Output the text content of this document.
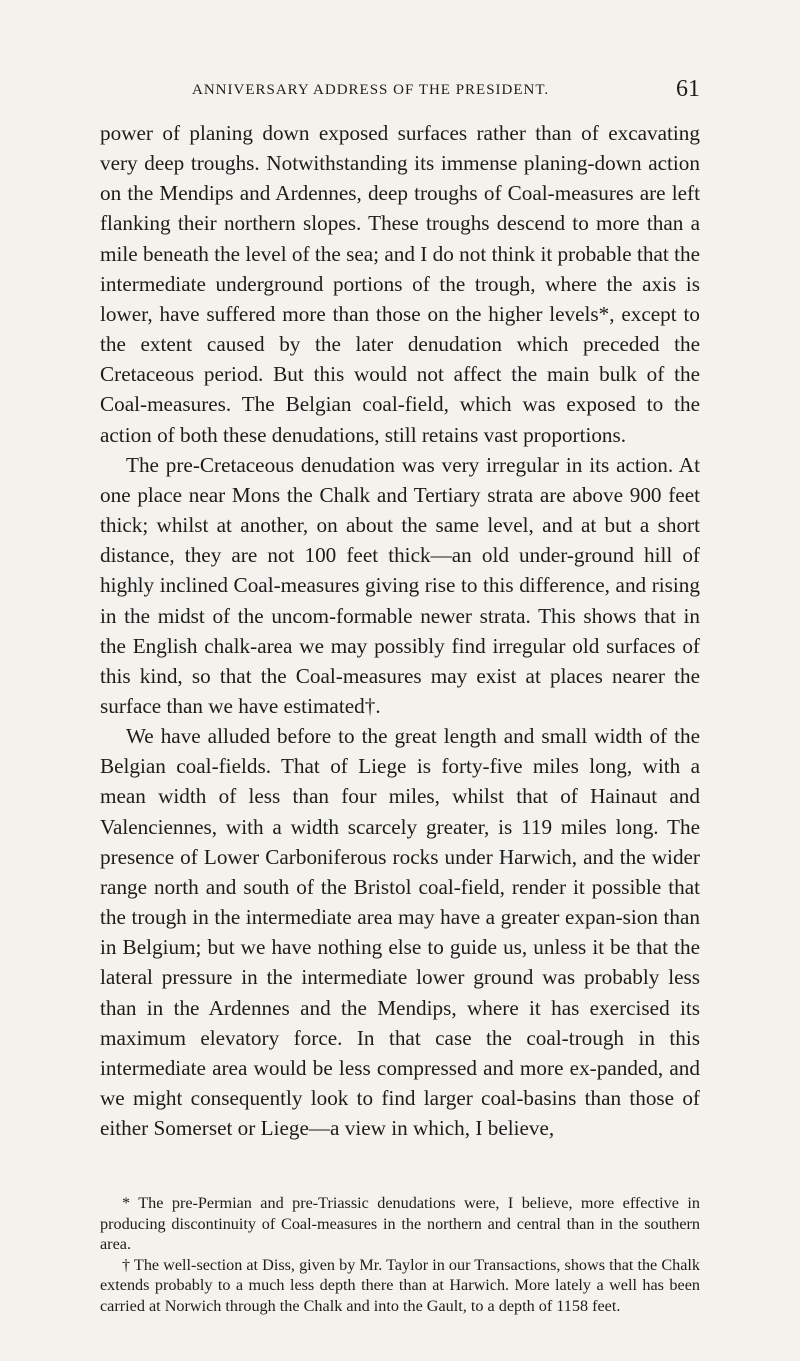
ANNIVERSARY ADDRESS OF THE PRESIDENT.	61

power of planing down exposed surfaces rather than of excavating very deep troughs. Notwithstanding its immense planing-down action on the Mendips and Ardennes, deep troughs of Coal-measures are left flanking their northern slopes. These troughs descend to more than a mile beneath the level of the sea; and I do not think it probable that the intermediate underground portions of the trough, where the axis is lower, have suffered more than those on the higher levels*, except to the extent caused by the later denudation which preceded the Cretaceous period. But this would not affect the main bulk of the Coal-measures. The Belgian coal-field, which was exposed to the action of both these denudations, still retains vast proportions.

The pre-Cretaceous denudation was very irregular in its action. At one place near Mons the Chalk and Tertiary strata are above 900 feet thick; whilst at another, on about the same level, and at but a short distance, they are not 100 feet thick—an old under-ground hill of highly inclined Coal-measures giving rise to this difference, and rising in the midst of the uncom-formable newer strata. This shows that in the English chalk-area we may possibly find irregular old surfaces of this kind, so that the Coal-measures may exist at places nearer the surface than we have estimated†.

We have alluded before to the great length and small width of the Belgian coal-fields. That of Liege is forty-five miles long, with a mean width of less than four miles, whilst that of Hainaut and Valenciennes, with a width scarcely greater, is 119 miles long. The presence of Lower Carboniferous rocks under Harwich, and the wider range north and south of the Bristol coal-field, render it possible that the trough in the intermediate area may have a greater expan-sion than in Belgium; but we have nothing else to guide us, unless it be that the lateral pressure in the intermediate lower ground was probably less than in the Ardennes and the Mendips, where it has exercised its maximum elevatory force. In that case the coal-trough in this intermediate area would be less compressed and more ex-panded, and we might consequently look to find larger coal-basins than those of either Somerset or Liege—a view in which, I believe,

* The pre-Permian and pre-Triassic denudations were, I believe, more effective in producing discontinuity of Coal-measures in the northern and central than in the southern area.

† The well-section at Diss, given by Mr. Taylor in our Transactions, shows that the Chalk extends probably to a much less depth there than at Harwich. More lately a well has been carried at Norwich through the Chalk and into the Gault, to a depth of 1158 feet.
